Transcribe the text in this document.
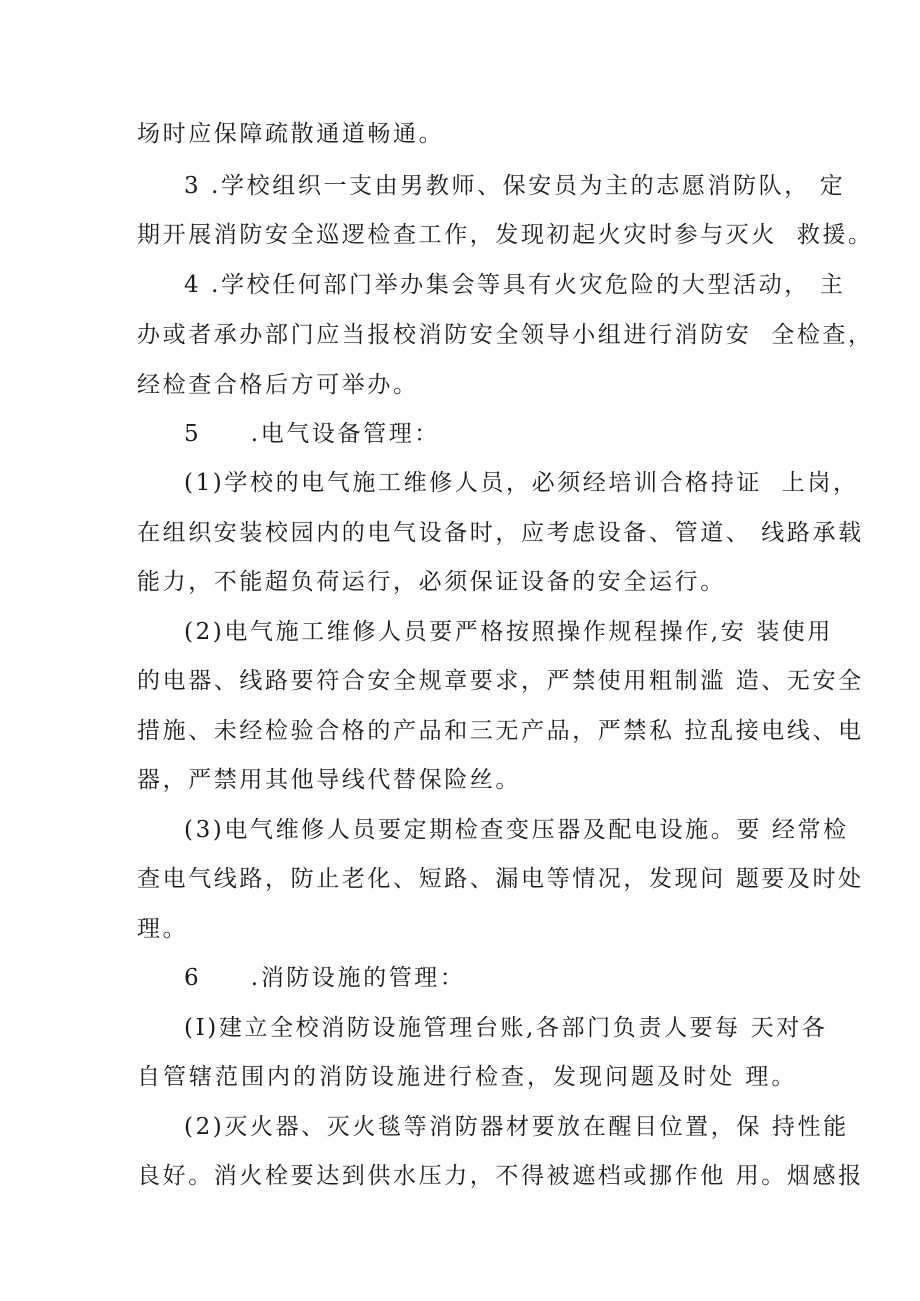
场时应保障疏散通道畅通。
3 .学校组织一支由男教师、保安员为主的志愿消防队， 定
期开展消防安全巡逻检查工作，发现初起火灾时参与灭火  救援。
4 .学校任何部门举办集会等具有火灾危险的大型活动， 主
办或者承办部门应当报校消防安全领导小组进行消防安  全检查，
经检查合格后方可举办。
5     .电气设备管理：
(1)学校的电气施工维修人员，必须经培训合格持证  上岗，
在组织安装校园内的电气设备时，应考虑设备、管道、 线路承载
能力，不能超负荷运行，必须保证设备的安全运行。
(2)电气施工维修人员要严格按照操作规程操作,安 装使用
的电器、线路要符合安全规章要求，严禁使用粗制滥 造、无安全
措施、未经检验合格的产品和三无产品，严禁私 拉乱接电线、电
器，严禁用其他导线代替保险丝。
(3)电气维修人员要定期检查变压器及配电设施。要 经常检
查电气线路，防止老化、短路、漏电等情况，发现问 题要及时处
理。
6     .消防设施的管理：
(I)建立全校消防设施管理台账,各部门负责人要每 天对各
自管辖范围内的消防设施进行检查，发现问题及时处 理。
(2)灭火器、灭火毯等消防器材要放在醒目位置，保 持性能
良好。消火栓要达到供水压力，不得被遮档或挪作他 用。烟感报
